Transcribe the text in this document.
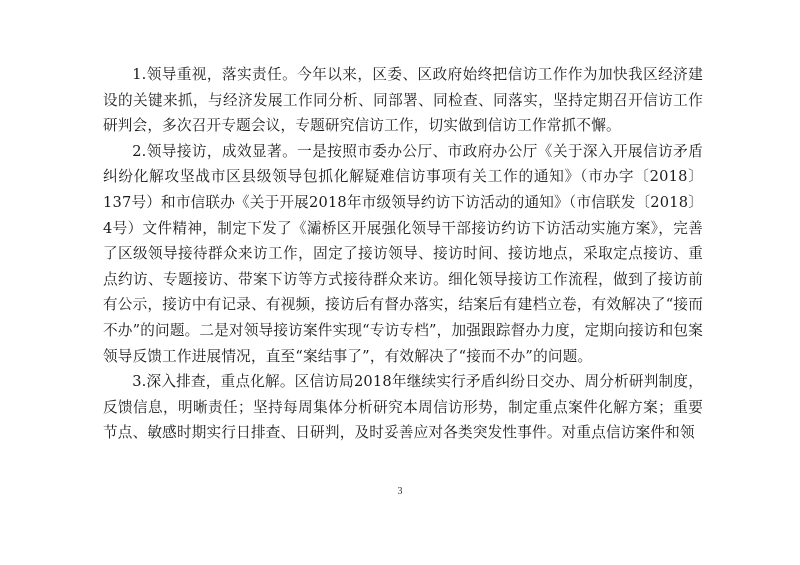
1.领导重视，落实责任。今年以来，区委、区政府始终把信访工作作为加快我区经济建设的关键来抓，与经济发展工作同分析、同部署、同检查、同落实，坚持定期召开信访工作研判会，多次召开专题会议，专题研究信访工作，切实做到信访工作常抓不懈。

2.领导接访，成效显著。一是按照市委办公厅、市政府办公厅《关于深入开展信访矛盾纠纷化解攻坚战市区县级领导包抓化解疑难信访事项有关工作的通知》（市办字〔2018〕137号）和市信联办《关于开展2018年市级领导约访下访活动的通知》（市信联发〔2018〕4号）文件精神，制定下发了《灞桥区开展强化领导干部接访约访下访活动实施方案》，完善了区级领导接待群众来访工作，固定了接访领导、接访时间、接访地点，采取定点接访、重点约访、专题接访、带案下访等方式接待群众来访。细化领导接访工作流程，做到了接访前有公示，接访中有记录、有视频，接访后有督办落实，结案后有建档立卷，有效解决了“接而不办”的问题。二是对领导接访案件实现“专访专档”，加强跟踪督办力度，定期向接访和包案领导反馈工作进展情况，直至“案结事了”，有效解决了“接而不办”的问题。

3.深入排查，重点化解。区信访局2018年继续实行矛盾纠纷日交办、周分析研判制度，反馈信息，明晰责任；坚持每周集体分析研究本周信访形势，制定重点案件化解方案；重要节点、敏感时期实行日排查、日研判，及时妥善应对各类突发性事件。对重点信访案件和领

3
